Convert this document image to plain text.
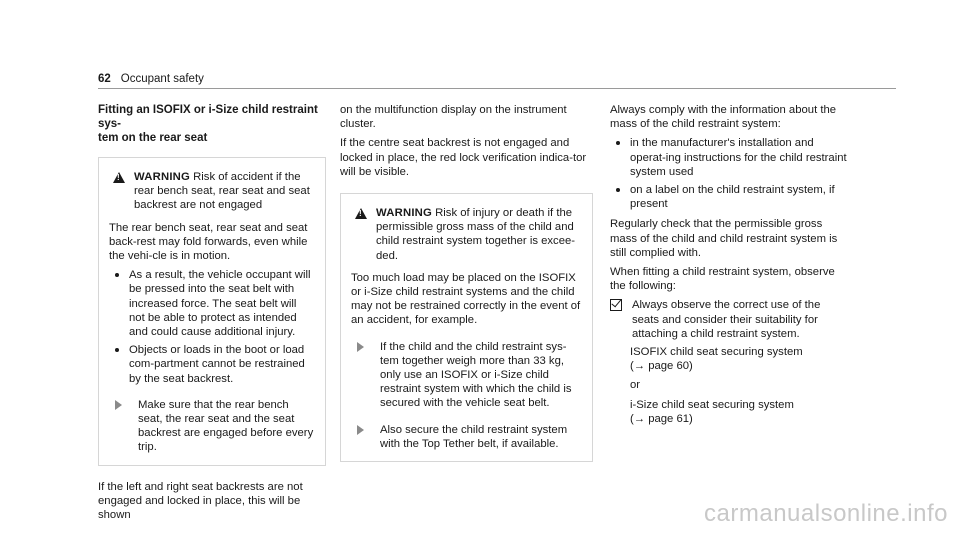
62 Occupant safety
Fitting an ISOFIX or i-Size child restraint sys-
tem on the rear seat
!
WARNING Risk of accident if the rear bench seat, rear seat and seat backrest are not engaged

The rear bench seat, rear seat and seat back-rest may fold forwards, even while the vehi-cle is in motion.

As a result, the vehicle occupant will be pressed into the seat belt with increased force. The seat belt will not be able to protect as intended and could cause additional injury.
Objects or loads in the boot or load com-partment cannot be restrained by the seat backrest.
Make sure that the rear bench seat, the rear seat and the seat backrest are engaged before every trip.

If the left and right seat backrests are not engaged and locked in place, this will be shown

on the multifunction display on the instrument cluster.

If the centre seat backrest is not engaged and locked in place, the red lock verification indica-tor will be visible.

!
WARNING Risk of injury or death if the permissible gross mass of the child and child restraint system together is excee-ded.

Too much load may be placed on the ISOFIX or i-Size child restraint systems and the child may not be restrained correctly in the event of an accident, for example.

If the child and the child restraint sys-tem together weigh more than 33 kg, only use an ISOFIX or i-Size child restraint system with which the child is secured with the vehicle seat belt.
Also secure the child restraint system with the Top Tether belt, if available.

Always comply with the information about the mass of the child restraint system:

in the manufacturer's installation and operat-ing instructions for the child restraint system used
on a label on the child restraint system, if present

Regularly check that the permissible gross mass of the child and child restraint system is still complied with.

When fitting a child restraint system, observe the following:

Always observe the correct use of the seats and consider their suitability for attaching a child restraint system.
ISOFIX child seat securing system
(→ page 60)
or
i-Size child seat securing system
(→ page 61)
carmanualsonline.info
